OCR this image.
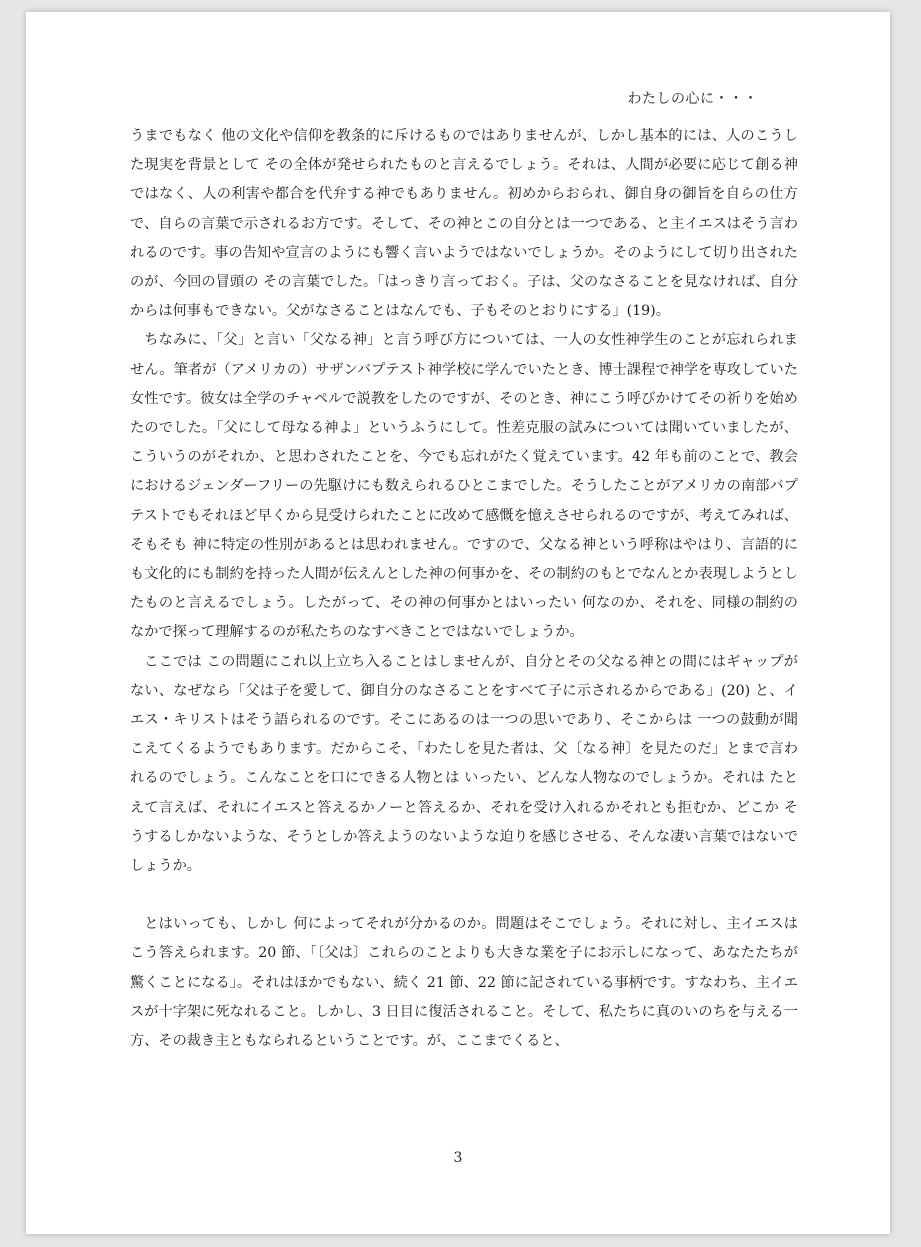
わたしの心に・・・

うまでもなく 他の文化や信仰を教条的に斥けるものではありませんが、しかし基本的には、人のこうした現実を背景として その全体が発せられたものと言えるでしょう。それは、人間が必要に応じて創る神ではなく、人の利害や都合を代弁する神でもありません。初めからおられ、御自身の御旨を自らの仕方で、自らの言葉で示されるお方です。そして、その神とこの自分とは一つである、と主イエスはそう言われるのです。事の告知や宣言のようにも響く言いようではないでしょうか。そのようにして切り出されたのが、今回の冒頭の その言葉でした。「はっきり言っておく。子は、父のなさることを見なければ、自分からは何事もできない。父がなさることはなんでも、子もそのとおりにする」(19)。

ちなみに、「父」と言い「父なる神」と言う呼び方については、一人の女性神学生のことが忘れられません。筆者が（アメリカの）サザンバプテスト神学校に学んでいたとき、博士課程で神学を専攻していた女性です。彼女は全学のチャペルで説教をしたのですが、そのとき、神にこう呼びかけてその祈りを始めたのでした。「父にして母なる神よ」というふうにして。性差克服の試みについては聞いていましたが、こういうのがそれか、と思わされたことを、今でも忘れがたく覚えています。42 年も前のことで、教会におけるジェンダーフリーの先駆けにも数えられるひとこまでした。そうしたことがアメリカの南部バプテストでもそれほど早くから見受けられたことに改めて感慨を憶えさせられるのですが、考えてみれば、そもそも 神に特定の性別があるとは思われません。ですので、父なる神という呼称はやはり、言語的にも文化的にも制約を持った人間が伝えんとした神の何事かを、その制約のもとでなんとか表現しようとしたものと言えるでしょう。したがって、その神の何事かとはいったい 何なのか、それを、同様の制約のなかで探って理解するのが私たちのなすべきことではないでしょうか。

ここでは この問題にこれ以上立ち入ることはしませんが、自分とその父なる神との間にはギャップがない、なぜなら「父は子を愛して、御自分のなさることをすべて子に示されるからである」(20) と、イエス・キリストはそう語られるのです。そこにあるのは一つの思いであり、そこからは 一つの鼓動が聞こえてくるようでもあります。だからこそ、「わたしを見た者は、父〔なる神〕を見たのだ」とまで言われるのでしょう。こんなことを口にできる人物とは いったい、どんな人物なのでしょうか。それは たとえて言えば、それにイエスと答えるかノーと答えるか、それを受け入れるかそれとも拒むか、どこか そうするしかないような、そうとしか答えようのないような迫りを感じさせる、そんな凄い言葉ではないでしょうか。

とはいっても、しかし 何によってそれが分かるのか。問題はそこでしょう。それに対し、主イエスはこう答えられます。20 節、「〔父は〕これらのことよりも大きな業を子にお示しになって、あなたたちが驚くことになる」。それはほかでもない、続く 21 節、22 節に記されている事柄です。すなわち、主イエスが十字架に死なれること。しかし、3 日目に復活されること。そして、私たちに真のいのちを与える一方、その裁き主ともなられるということです。が、ここまでくると、

3
